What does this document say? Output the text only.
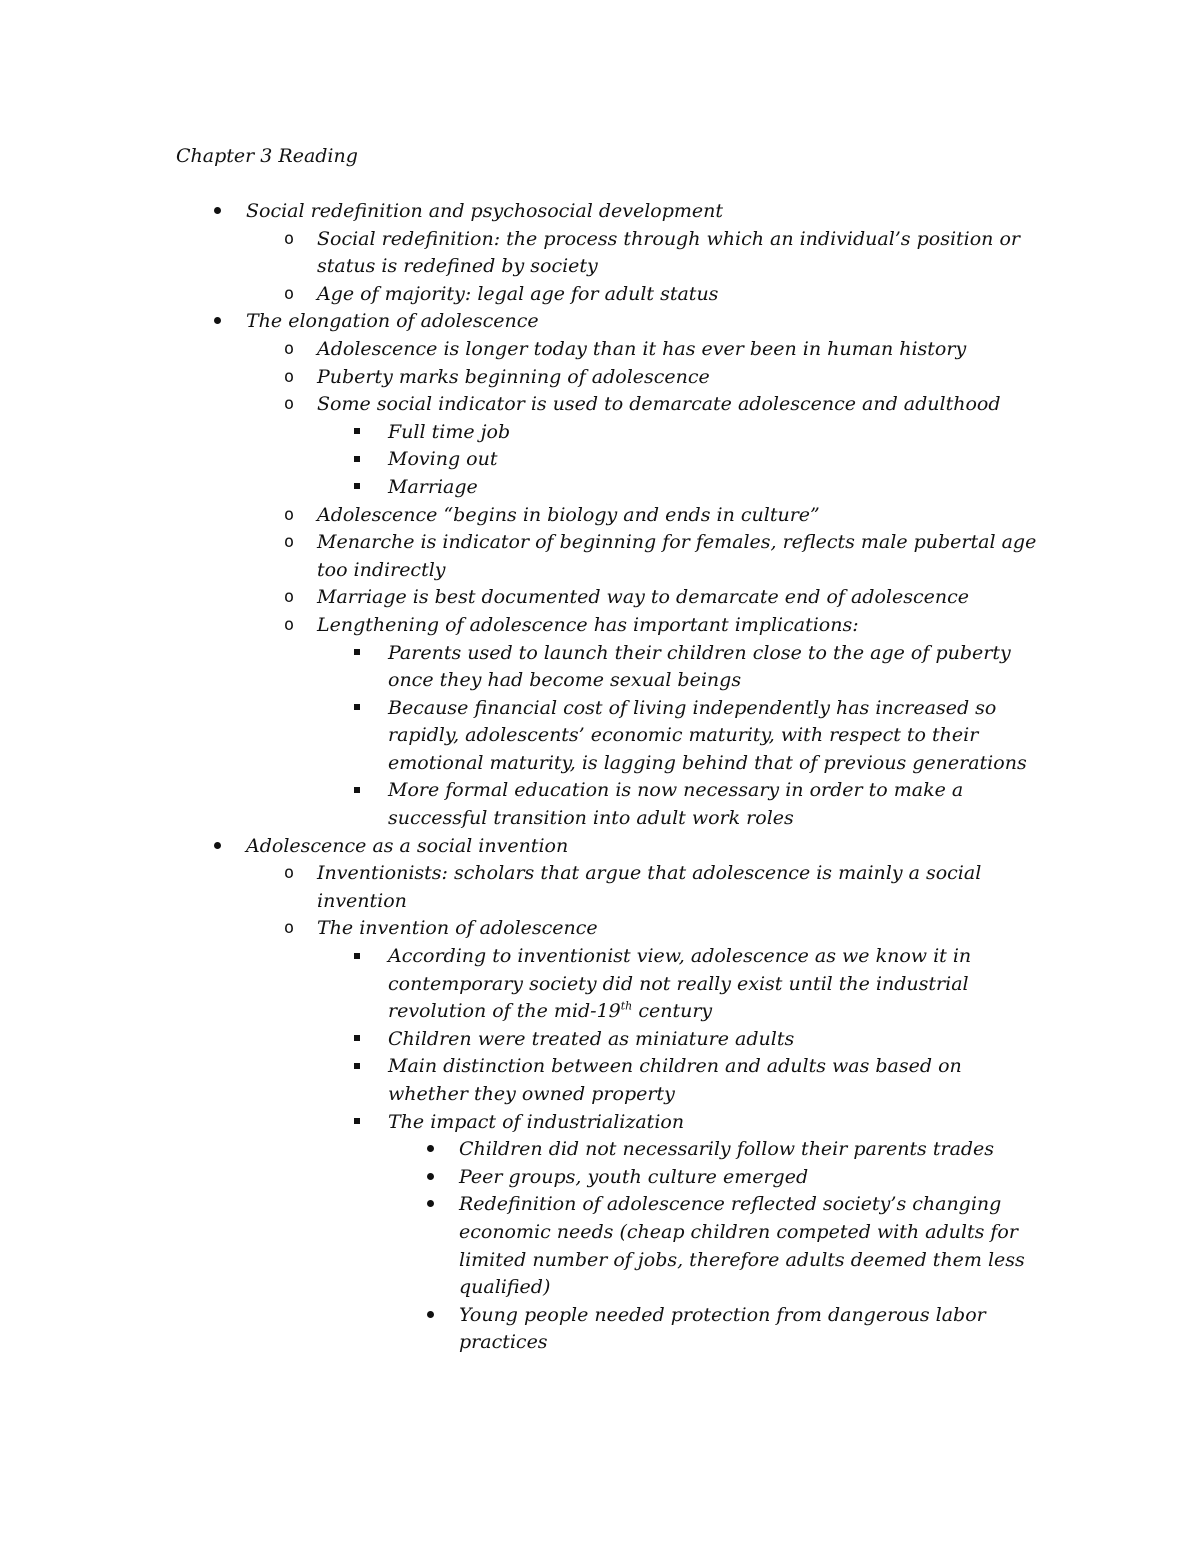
Chapter 3 Reading
Social redefinition and psychosocial development
o Social redefinition: the process through which an individual’s position or status is redefined by society
o Age of majority: legal age for adult status
The elongation of adolescence
o Adolescence is longer today than it has ever been in human history
o Puberty marks beginning of adolescence
o Some social indicator is used to demarcate adolescence and adulthood
Full time job
Moving out
Marriage
o Adolescence “begins in biology and ends in culture”
o Menarche is indicator of beginning for females, reflects male pubertal age too indirectly
o Marriage is best documented way to demarcate end of adolescence
o Lengthening of adolescence has important implications:
Parents used to launch their children close to the age of puberty once they had become sexual beings
Because financial cost of living independently has increased so rapidly, adolescents’ economic maturity, with respect to their emotional maturity, is lagging behind that of previous generations
More formal education is now necessary in order to make a successful transition into adult work roles
Adolescence as a social invention
o Inventionists: scholars that argue that adolescence is mainly a social invention
o The invention of adolescence
According to inventionist view, adolescence as we know it in contemporary society did not really exist until the industrial revolution of the mid-19th century
Children were treated as miniature adults
Main distinction between children and adults was based on whether they owned property
The impact of industrialization
Children did not necessarily follow their parents trades
Peer groups, youth culture emerged
Redefinition of adolescence reflected society’s changing economic needs (cheap children competed with adults for limited number of jobs, therefore adults deemed them less qualified)
Young people needed protection from dangerous labor practices
